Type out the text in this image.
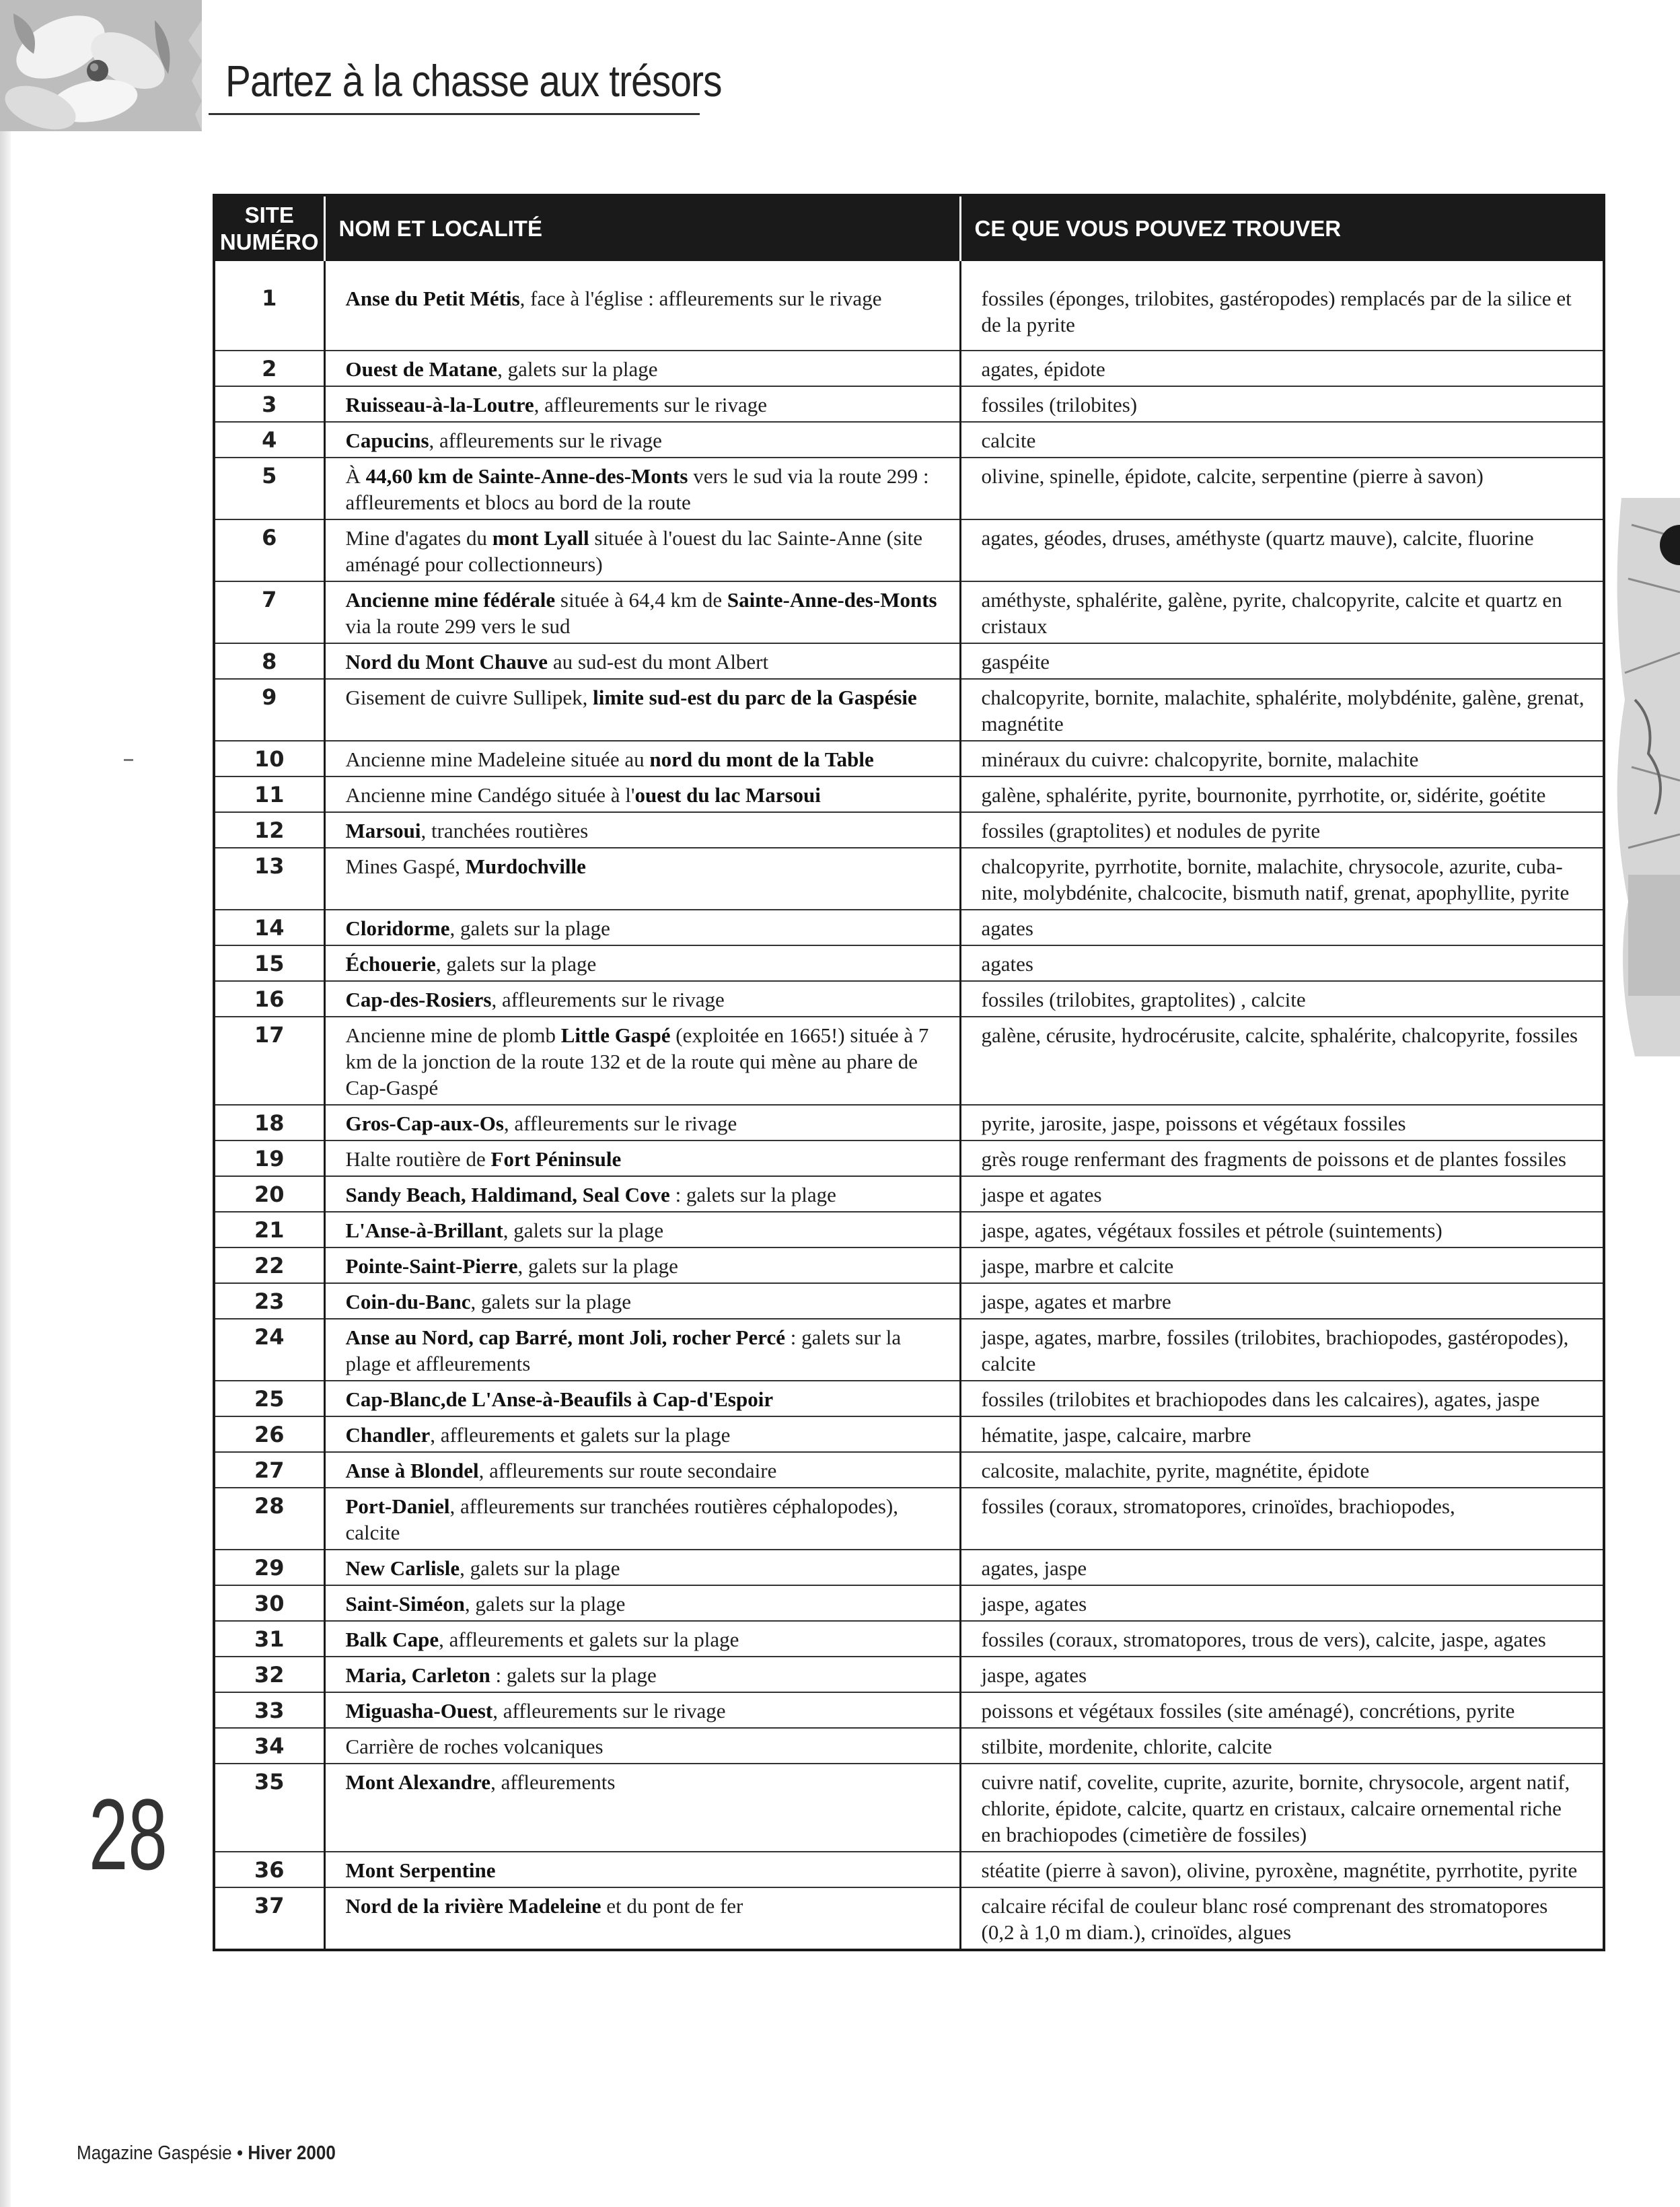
Partez à la chasse aux trésors
SITE
NUMÉRO	NOM ET LOCALITÉ	CE QUE VOUS POUVEZ TROUVER
1	Anse du Petit Métis, face à l'église : affleurements sur le rivage	fossiles (éponges, trilobites, gastéropodes) remplacés par de la silice et de la pyrite
2	Ouest de Matane, galets sur la plage	agates, épidote
3	Ruisseau-à-la-Loutre, affleurements sur le rivage	fossiles (trilobites)
4	Capucins, affleurements sur le rivage	calcite
5	À 44,60 km de Sainte-Anne-des-Monts vers le sud via la route 299 : affleurements et blocs au bord de la route	olivine, spinelle, épidote, calcite, serpentine (pierre à savon)
6	Mine d'agates du mont Lyall située à l'ouest du lac Sainte-Anne (site aménagé pour collectionneurs)	agates, géodes, druses, améthyste (quartz mauve), calcite, fluorine
7	Ancienne mine fédérale située à 64,4 km de Sainte-Anne-des-Monts via la route 299 vers le sud	améthyste, sphalérite, galène, pyrite, chalcopyrite, calcite et quartz en cristaux
8	Nord du Mont Chauve au sud-est du mont Albert	gaspéite
9	Gisement de cuivre Sullipek, limite sud-est du parc de la Gaspésie	chalcopyrite, bornite, malachite, sphalérite, molybdénite, galène, grenat, magnétite
10	Ancienne mine Madeleine située au nord du mont de la Table	minéraux du cuivre: chalcopyrite, bornite, malachite
11	Ancienne mine Candégo située à l'ouest du lac Marsoui	galène, sphalérite, pyrite, bournonite, pyrrhotite, or, sidérite, goétite
12	Marsoui, tranchées routières	fossiles (graptolites) et nodules de pyrite
13	Mines Gaspé, Murdochville	chalcopyrite, pyrrhotite, bornite, malachite, chrysocole, azurite, cuba-nite, molybdénite, chalcocite, bismuth natif, grenat, apophyllite, pyrite
14	Cloridorme, galets sur la plage	agates
15	Échouerie, galets sur la plage	agates
16	Cap-des-Rosiers, affleurements sur le rivage	fossiles (trilobites, graptolites) , calcite
17	Ancienne mine de plomb Little Gaspé (exploitée en 1665!) située à 7 km de la jonction de la route 132 et de la route qui mène au phare de Cap-Gaspé	galène, cérusite, hydrocérusite, calcite, sphalérite, chalcopyrite, fossiles
18	Gros-Cap-aux-Os, affleurements sur le rivage	pyrite, jarosite, jaspe, poissons et végétaux fossiles
19	Halte routière de Fort Péninsule	grès rouge renfermant des fragments de poissons et de plantes fossiles
20	Sandy Beach, Haldimand, Seal Cove : galets sur la plage	jaspe et agates
21	L'Anse-à-Brillant, galets sur la plage	jaspe, agates, végétaux fossiles et pétrole (suintements)
22	Pointe-Saint-Pierre, galets sur la plage	jaspe, marbre et calcite
23	Coin-du-Banc, galets sur la plage	jaspe, agates et marbre
24	Anse au Nord, cap Barré, mont Joli, rocher Percé : galets sur la plage et affleurements	jaspe, agates, marbre, fossiles (trilobites, brachiopodes, gastéropodes), calcite
25	Cap-Blanc,de L'Anse-à-Beaufils à Cap-d'Espoir	fossiles (trilobites et brachiopodes dans les calcaires), agates, jaspe
26	Chandler, affleurements et galets sur la plage	hématite, jaspe, calcaire, marbre
27	Anse à Blondel, affleurements sur route secondaire	calcosite, malachite, pyrite, magnétite, épidote
28	Port-Daniel, affleurements sur tranchées routières céphalopodes), calcite	fossiles (coraux, stromatopores, crinoïdes, brachiopodes,
29	New Carlisle, galets sur la plage	agates, jaspe
30	Saint-Siméon, galets sur la plage	jaspe, agates
31	Balk Cape, affleurements et galets sur la plage	fossiles (coraux, stromatopores, trous de vers), calcite, jaspe, agates
32	Maria, Carleton : galets sur la plage	jaspe, agates
33	Miguasha-Ouest, affleurements sur le rivage	poissons et végétaux fossiles (site aménagé), concrétions, pyrite
34	Carrière de roches volcaniques	stilbite, mordenite, chlorite, calcite
35	Mont Alexandre, affleurements	cuivre natif, covelite, cuprite, azurite, bornite, chrysocole, argent natif, chlorite, épidote, calcite, quartz en cristaux, calcaire ornemental riche en brachiopodes (cimetière de fossiles)
36	Mont Serpentine	stéatite (pierre à savon), olivine, pyroxène, magnétite, pyrrhotite, pyrite
37	Nord de la rivière Madeleine et du pont de fer	calcaire récifal de couleur blanc rosé comprenant des stromatopores (0,2 à 1,0 m diam.), crinoïdes, algues
28
Magazine Gaspésie • Hiver 2000
